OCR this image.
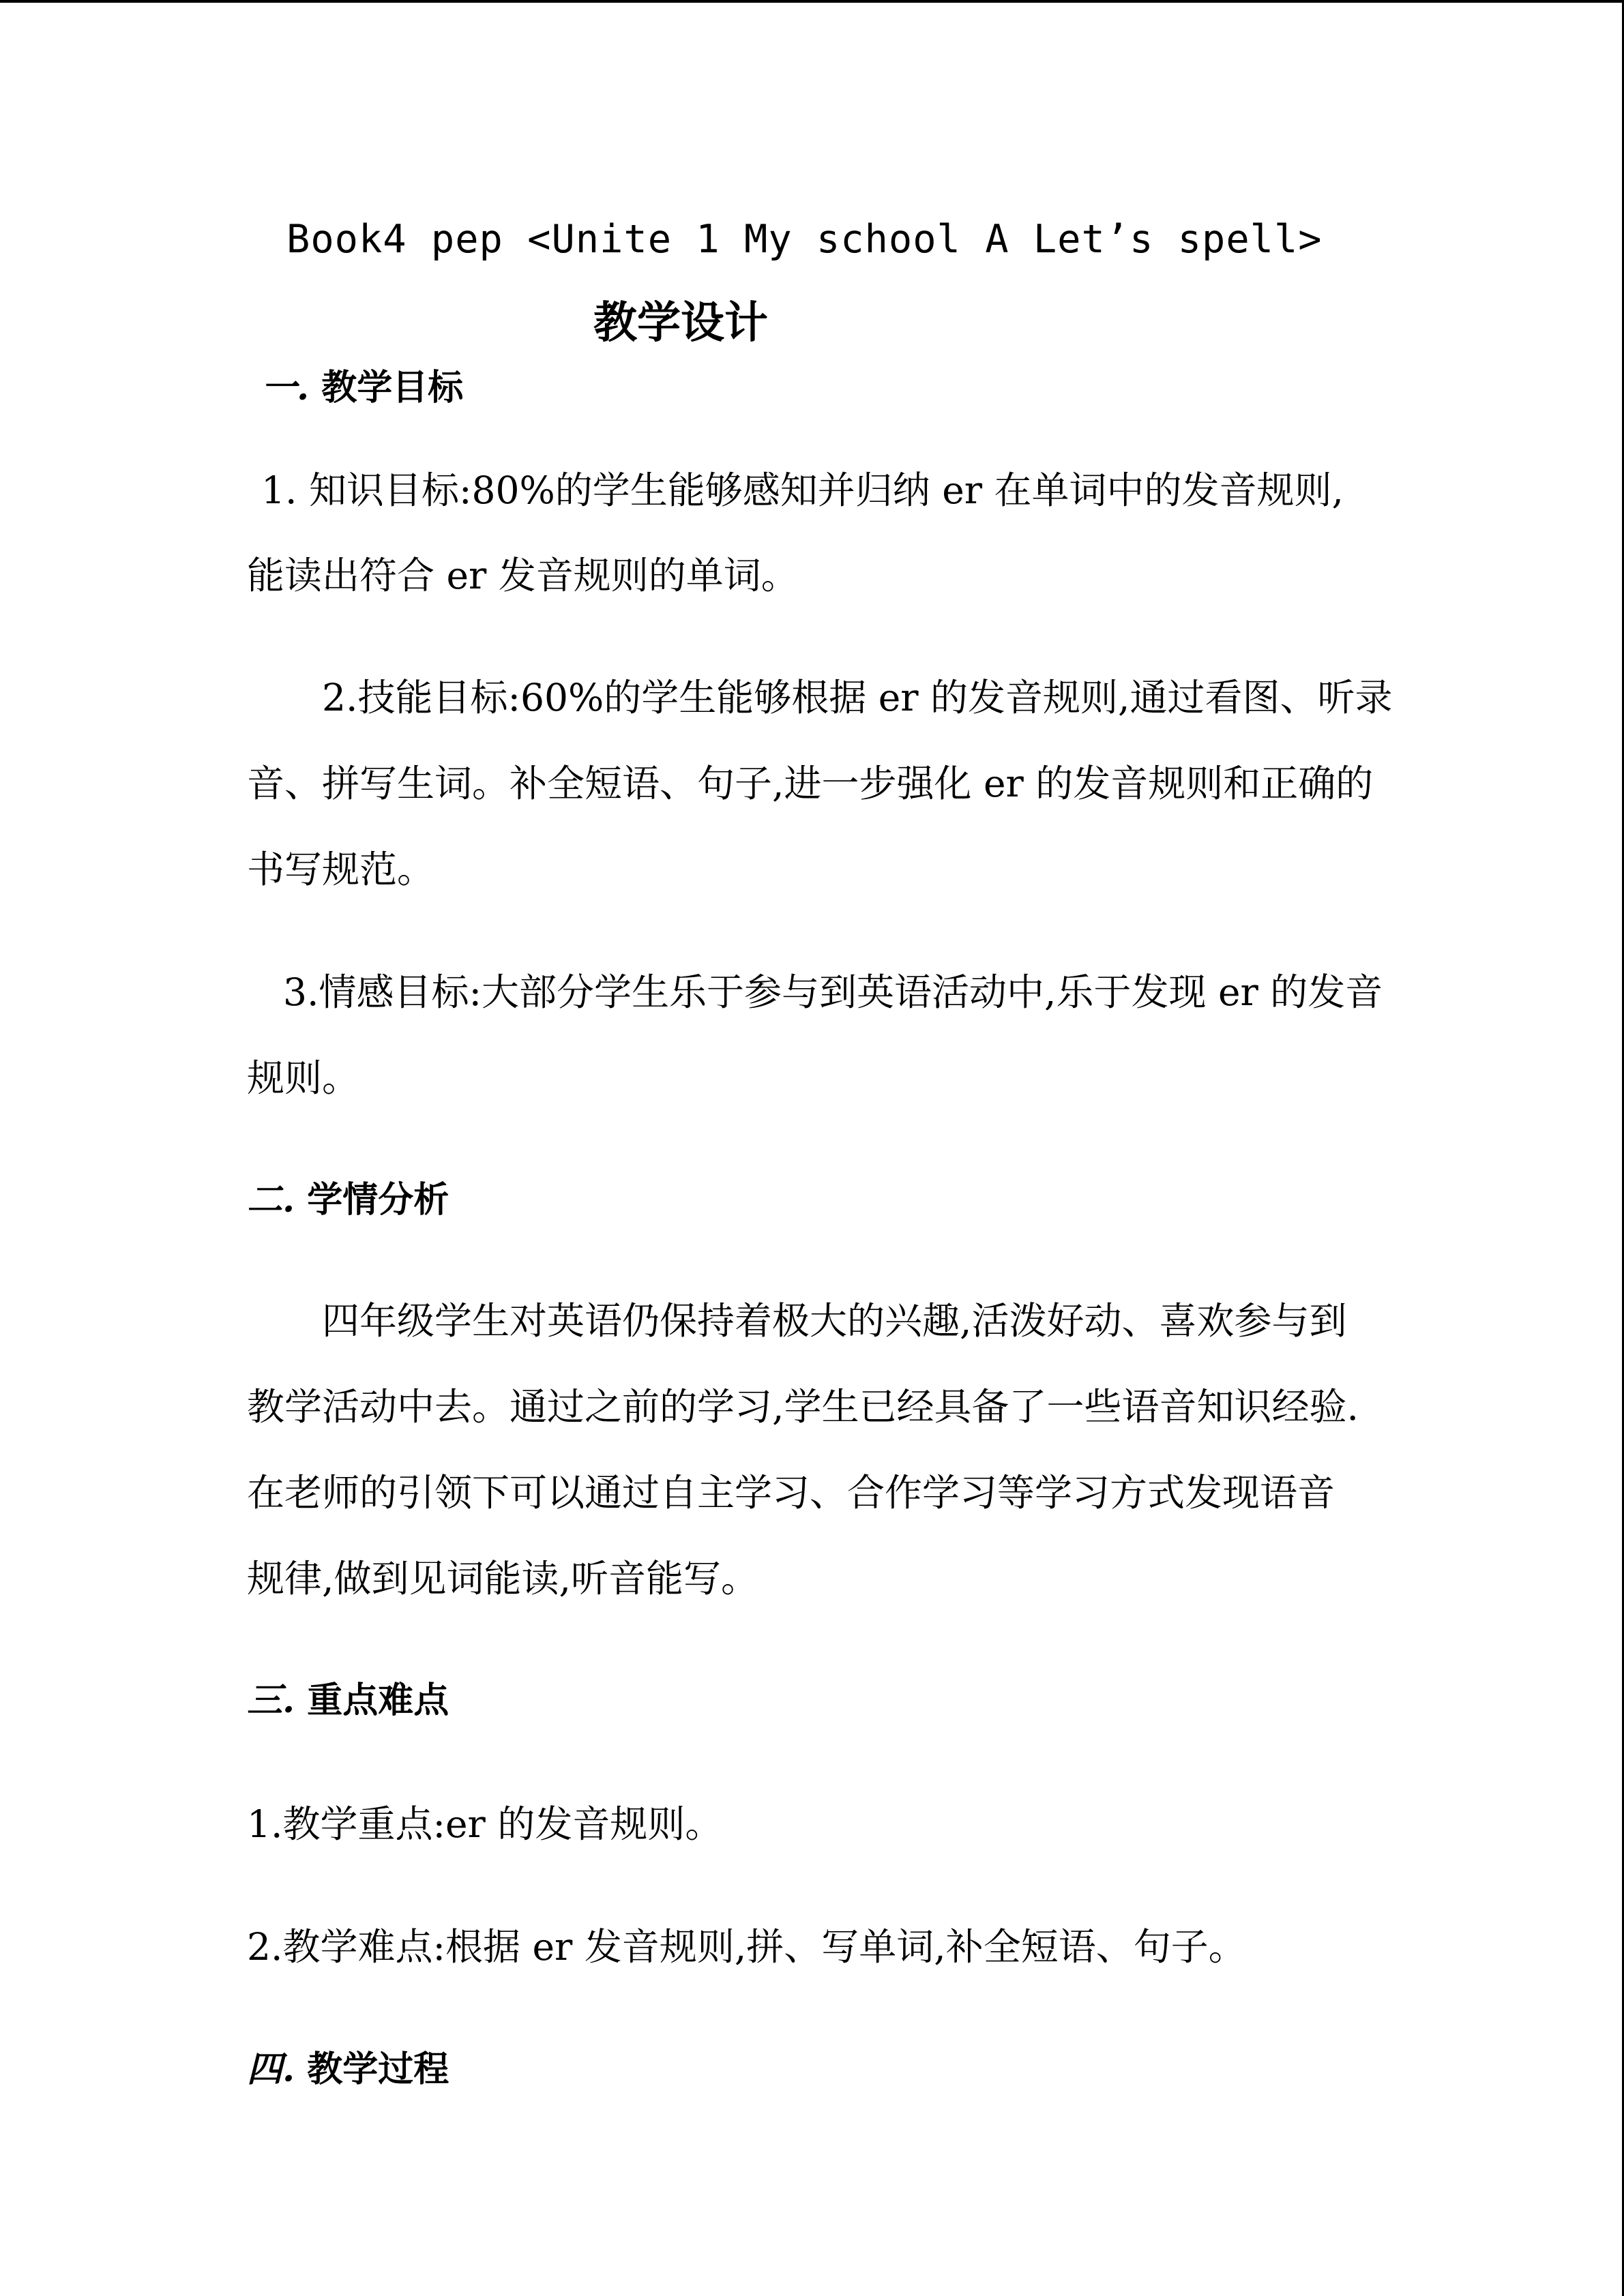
Book4 pep <Unite 1 My school A Let’s spell>
教学设计
一. 教学目标
1. 知识目标:80%的学生能够感知并归纳 er 在单词中的发音规则,
能读出符合 er 发音规则的单词。
2.技能目标:60%的学生能够根据 er 的发音规则,通过看图、听录
音、拼写生词。补全短语、句子,进一步强化 er 的发音规则和正确的
书写规范。
3.情感目标:大部分学生乐于参与到英语活动中,乐于发现 er 的发音
规则。
二. 学情分析
四年级学生对英语仍保持着极大的兴趣,活泼好动、喜欢参与到
教学活动中去。通过之前的学习,学生已经具备了一些语音知识经验.
在老师的引领下可以通过自主学习、合作学习等学习方式发现语音
规律,做到见词能读,听音能写。
三. 重点难点
1.教学重点:er 的发音规则。
2.教学难点:根据 er 发音规则,拼、写单词,补全短语、句子。
四. 教学过程
